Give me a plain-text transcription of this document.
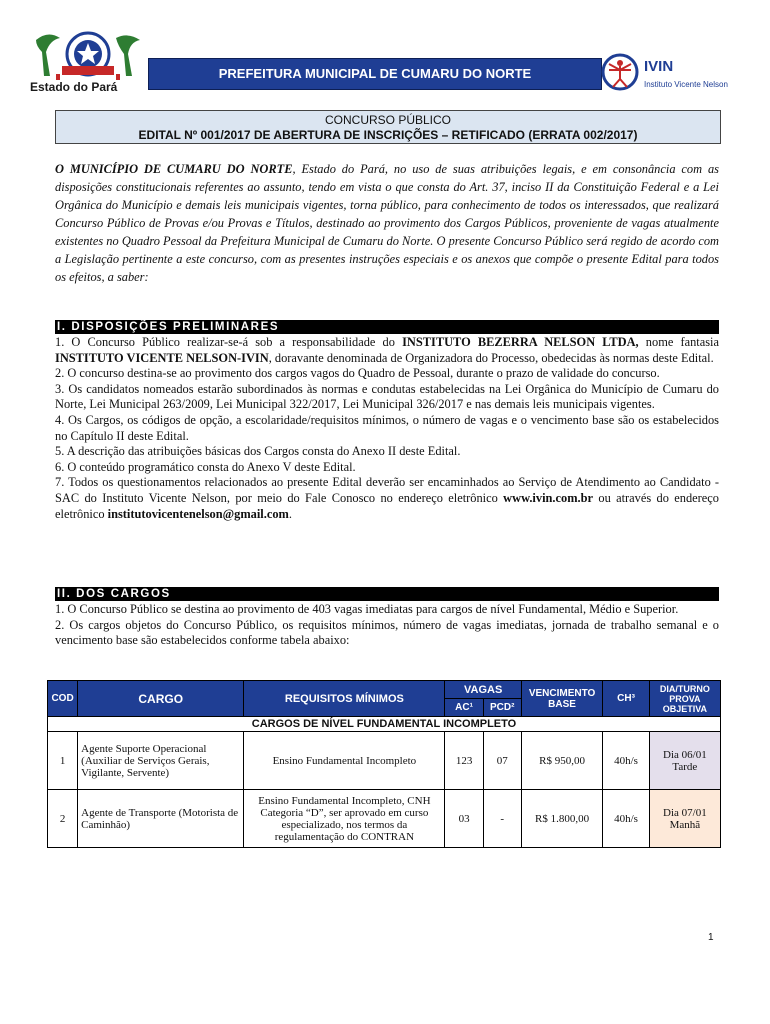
Estado do Pará
PREFEITURA MUNICIPAL DE CUMARU DO NORTE	IVIN
Instituto Vicente Nelson
CONCURSO PÚBLICO
EDITAL Nº 001/2017 DE ABERTURA DE INSCRIÇÕES – RETIFICADO (ERRATA 002/2017)
O MUNICÍPIO DE CUMARU DO NORTE, Estado do Pará, no uso de suas atribuições legais, e em consonância com as disposições constitucionais referentes ao assunto, tendo em vista o que consta do Art. 37, inciso II da Constituição Federal e a Lei Orgânica do Município e demais leis municipais vigentes, torna público, para conhecimento de todos os interessados, que realizará Concurso Público de Provas e/ou Provas e Títulos, destinado ao provimento dos Cargos Públicos, proveniente de vagas atualmente existentes no Quadro Pessoal da Prefeitura Municipal de Cumaru do Norte. O presente Concurso Público será regido de acordo com a Legislação pertinente a este concurso, com as presentes instruções especiais e os anexos que compõe o presente Edital para todos os efeitos, a saber:
I. DISPOSIÇÕES PRELIMINARES

1. O Concurso Público realizar-se-á sob a responsabilidade do INSTITUTO BEZERRA NELSON LTDA, nome fantasia INSTITUTO VICENTE NELSON-IVIN, doravante denominada de Organizadora do Processo, obedecidas às normas deste Edital.

2. O concurso destina-se ao provimento dos cargos vagos do Quadro de Pessoal, durante o prazo de validade do concurso.

3. Os candidatos nomeados estarão subordinados às normas e condutas estabelecidas na Lei Orgânica do Município de Cumaru do Norte, Lei Municipal 263/2009, Lei Municipal 322/2017, Lei Municipal 326/2017 e nas demais leis municipais vigentes.

4. Os Cargos, os códigos de opção, a escolaridade/requisitos mínimos, o número de vagas e o vencimento base são os estabelecidos no Capítulo II deste Edital.

5. A descrição das atribuições básicas dos Cargos consta do Anexo II deste Edital.

6. O conteúdo programático consta do Anexo V deste Edital.

7. Todos os questionamentos relacionados ao presente Edital deverão ser encaminhados ao Serviço de Atendimento ao Candidato - SAC do Instituto Vicente Nelson, por meio do Fale Conosco no endereço eletrônico www.ivin.com.br ou através do endereço eletrônico institutovicentenelson@gmail.com.

II. DOS CARGOS

1. O Concurso Público se destina ao provimento de 403 vagas imediatas para cargos de nível Fundamental, Médio e Superior.

2. Os cargos objetos do Concurso Público, os requisitos mínimos, número de vagas imediatas, jornada de trabalho semanal e o vencimento base são estabelecidos conforme tabela abaixo:

COD	CARGO	REQUISITOS MÍNIMOS	VAGAS		VENCIMENTO BASE	CH³	DIA/TURNO PROVA OBJETIVA
			AC¹	PCD²			
CARGOS DE NÍVEL FUNDAMENTAL INCOMPLETO							
1	Agente Suporte Operacional (Auxiliar de Serviços Gerais, Vigilante, Servente)	Ensino Fundamental Incompleto	123	07	R$ 950,00	40h/s	Dia 06/01 Tarde
2	Agente de Transporte (Motorista de Caminhão)	Ensino Fundamental Incompleto, CNH Categoria “D”, ser aprovado em curso especializado, nos termos da regulamentação do CONTRAN	03	-	R$ 1.800,00	40h/s	Dia 07/01 Manhã
1
